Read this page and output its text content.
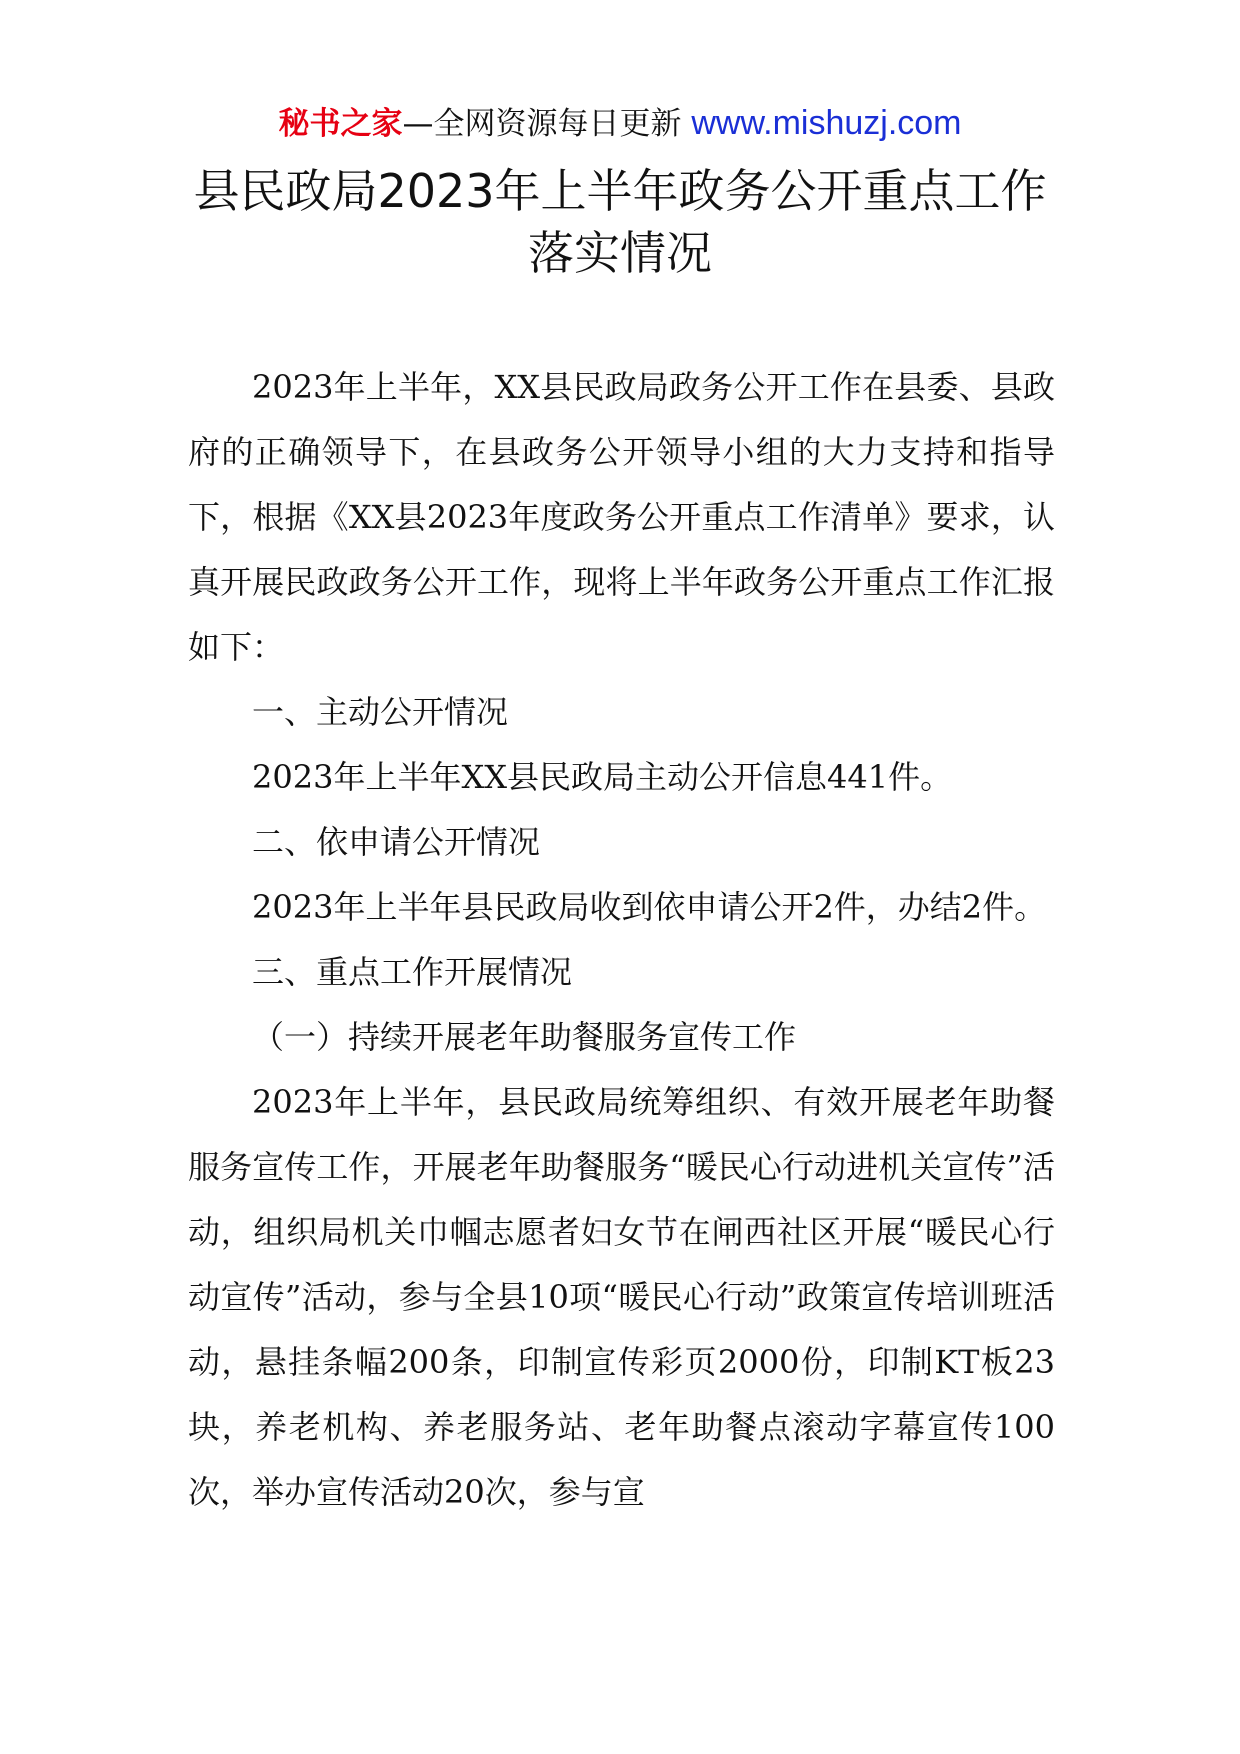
秘书之家—全网资源每日更新 www.mishuzj.com
县民政局2023年上半年政务公开重点工作
落实情况

2023年上半年，XX县民政局政务公开工作在县委、县政府的正确领导下，在县政务公开领导小组的大力支持和指导下，根据《XX县2023年度政务公开重点工作清单》要求，认真开展民政政务公开工作，现将上半年政务公开重点工作汇报如下：

一、主动公开情况

2023年上半年XX县民政局主动公开信息441件。

二、依申请公开情况

2023年上半年县民政局收到依申请公开2件，办结2件。

三、重点工作开展情况

（一）持续开展老年助餐服务宣传工作

2023年上半年，县民政局统筹组织、有效开展老年助餐服务宣传工作，开展老年助餐服务“暖民心行动进机关宣传”活动，组织局机关巾帼志愿者妇女节在闸西社区开展“暖民心行动宣传”活动，参与全县10项“暖民心行动”政策宣传培训班活动，悬挂条幅200条，印制宣传彩页2000份，印制KT板23块，养老机构、养老服务站、老年助餐点滚动字幕宣传100次，举办宣传活动20次，参与宣
